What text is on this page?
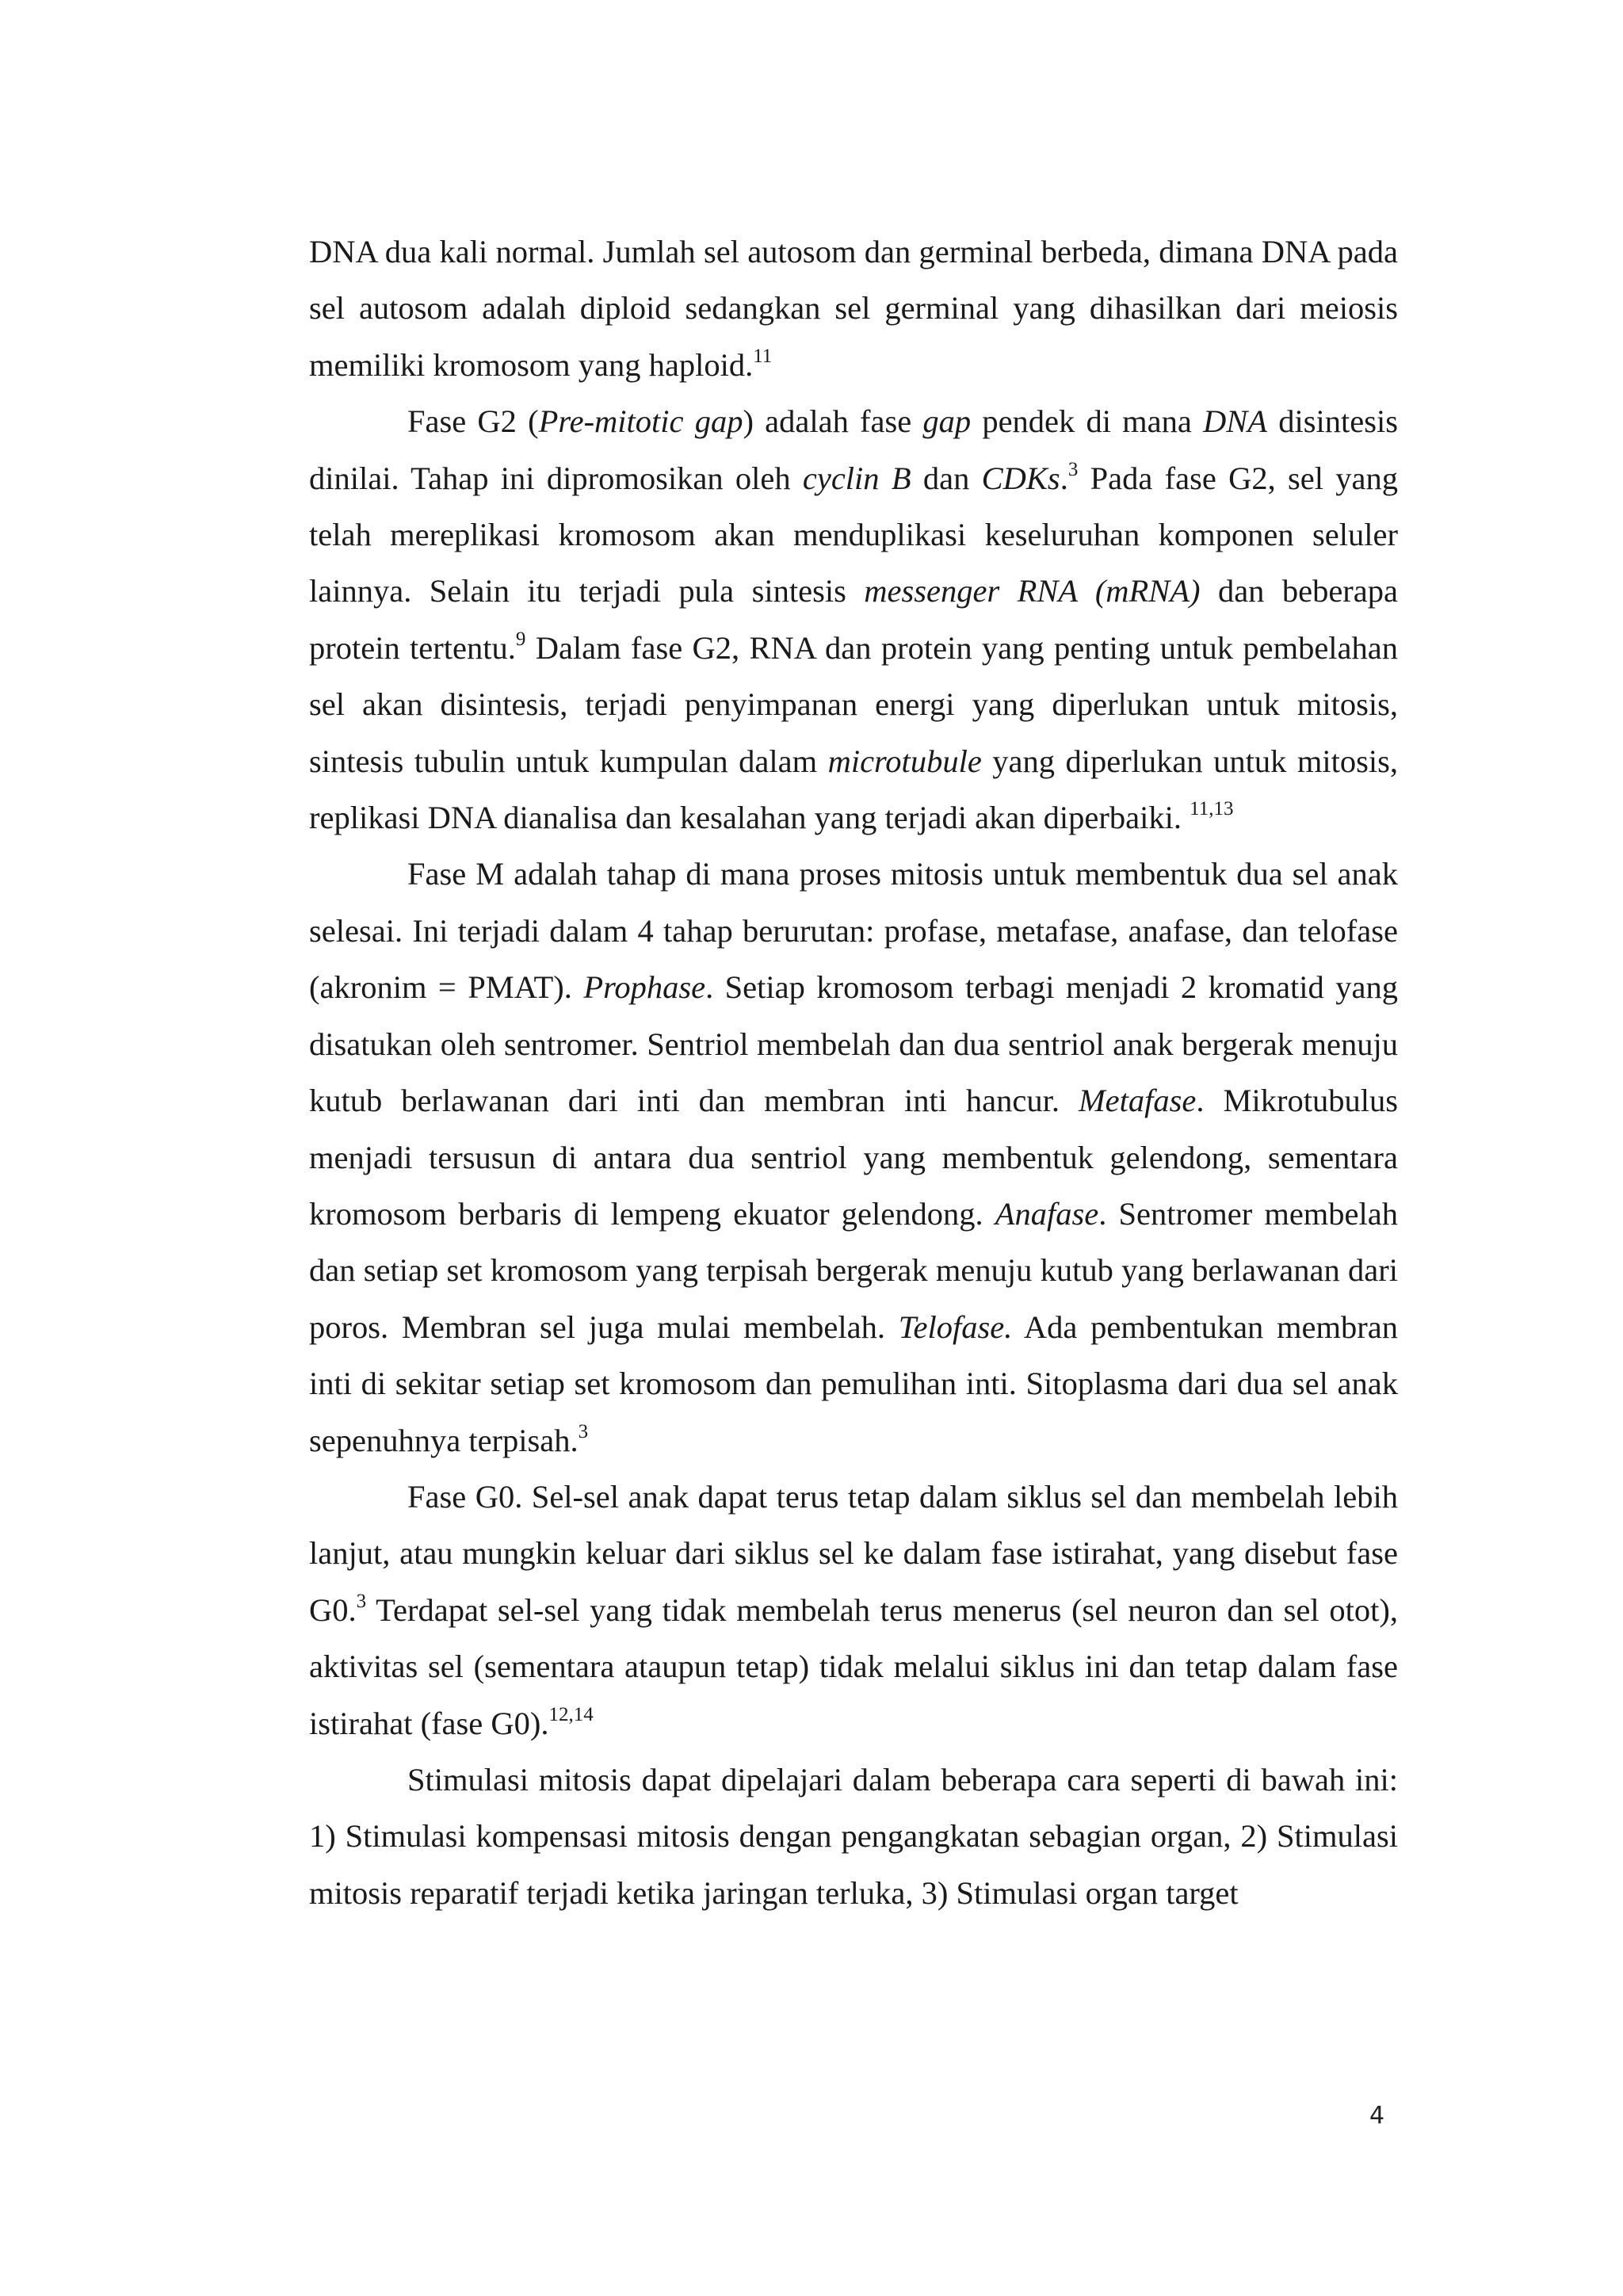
DNA dua kali normal. Jumlah sel autosom dan germinal berbeda, dimana DNA pada sel autosom adalah diploid sedangkan sel germinal yang dihasilkan dari meiosis memiliki kromosom yang haploid.$^{11}$

Fase G2 (Pre-mitotic gap) adalah fase gap pendek di mana DNA disintesis dinilai. Tahap ini dipromosikan oleh cyclin B dan CDKs.$^3$ Pada fase G2, sel yang telah mereplikasi kromosom akan menduplikasi keseluruhan komponen seluler lainnya. Selain itu terjadi pula sintesis messenger RNA (mRNA) dan beberapa protein tertentu.$^9$ Dalam fase G2, RNA dan protein yang penting untuk pembelahan sel akan disintesis, terjadi penyimpanan energi yang diperlukan untuk mitosis, sintesis tubulin untuk kumpulan dalam microtubule yang diperlukan untuk mitosis, replikasi DNA dianalisa dan kesalahan yang terjadi akan diperbaiki. $^{11,13}$

Fase M adalah tahap di mana proses mitosis untuk membentuk dua sel anak selesai. Ini terjadi dalam 4 tahap berurutan: profase, metafase, anafase, dan telofase (akronim = PMAT). Prophase. Setiap kromosom terbagi menjadi 2 kromatid yang disatukan oleh sentromer. Sentriol membelah dan dua sentriol anak bergerak menuju kutub berlawanan dari inti dan membran inti hancur. Metafase. Mikrotubulus menjadi tersusun di antara dua sentriol yang membentuk gelendong, sementara kromosom berbaris di lempeng ekuator gelendong. Anafase. Sentromer membelah dan setiap set kromosom yang terpisah bergerak menuju kutub yang berlawanan dari poros. Membran sel juga mulai membelah. Telofase. Ada pembentukan membran inti di sekitar setiap set kromosom dan pemulihan inti. Sitoplasma dari dua sel anak sepenuhnya terpisah.$^3$

Fase G0. Sel-sel anak dapat terus tetap dalam siklus sel dan membelah lebih lanjut, atau mungkin keluar dari siklus sel ke dalam fase istirahat, yang disebut fase G0.$^3$ Terdapat sel-sel yang tidak membelah terus menerus (sel neuron dan sel otot), aktivitas sel (sementara ataupun tetap) tidak melalui siklus ini dan tetap dalam fase istirahat (fase G0).$^{12,14}$

Stimulasi mitosis dapat dipelajari dalam beberapa cara seperti di bawah ini: 1) Stimulasi kompensasi mitosis dengan pengangkatan sebagian organ, 2) Stimulasi mitosis reparatif terjadi ketika jaringan terluka, 3) Stimulasi organ target

4
